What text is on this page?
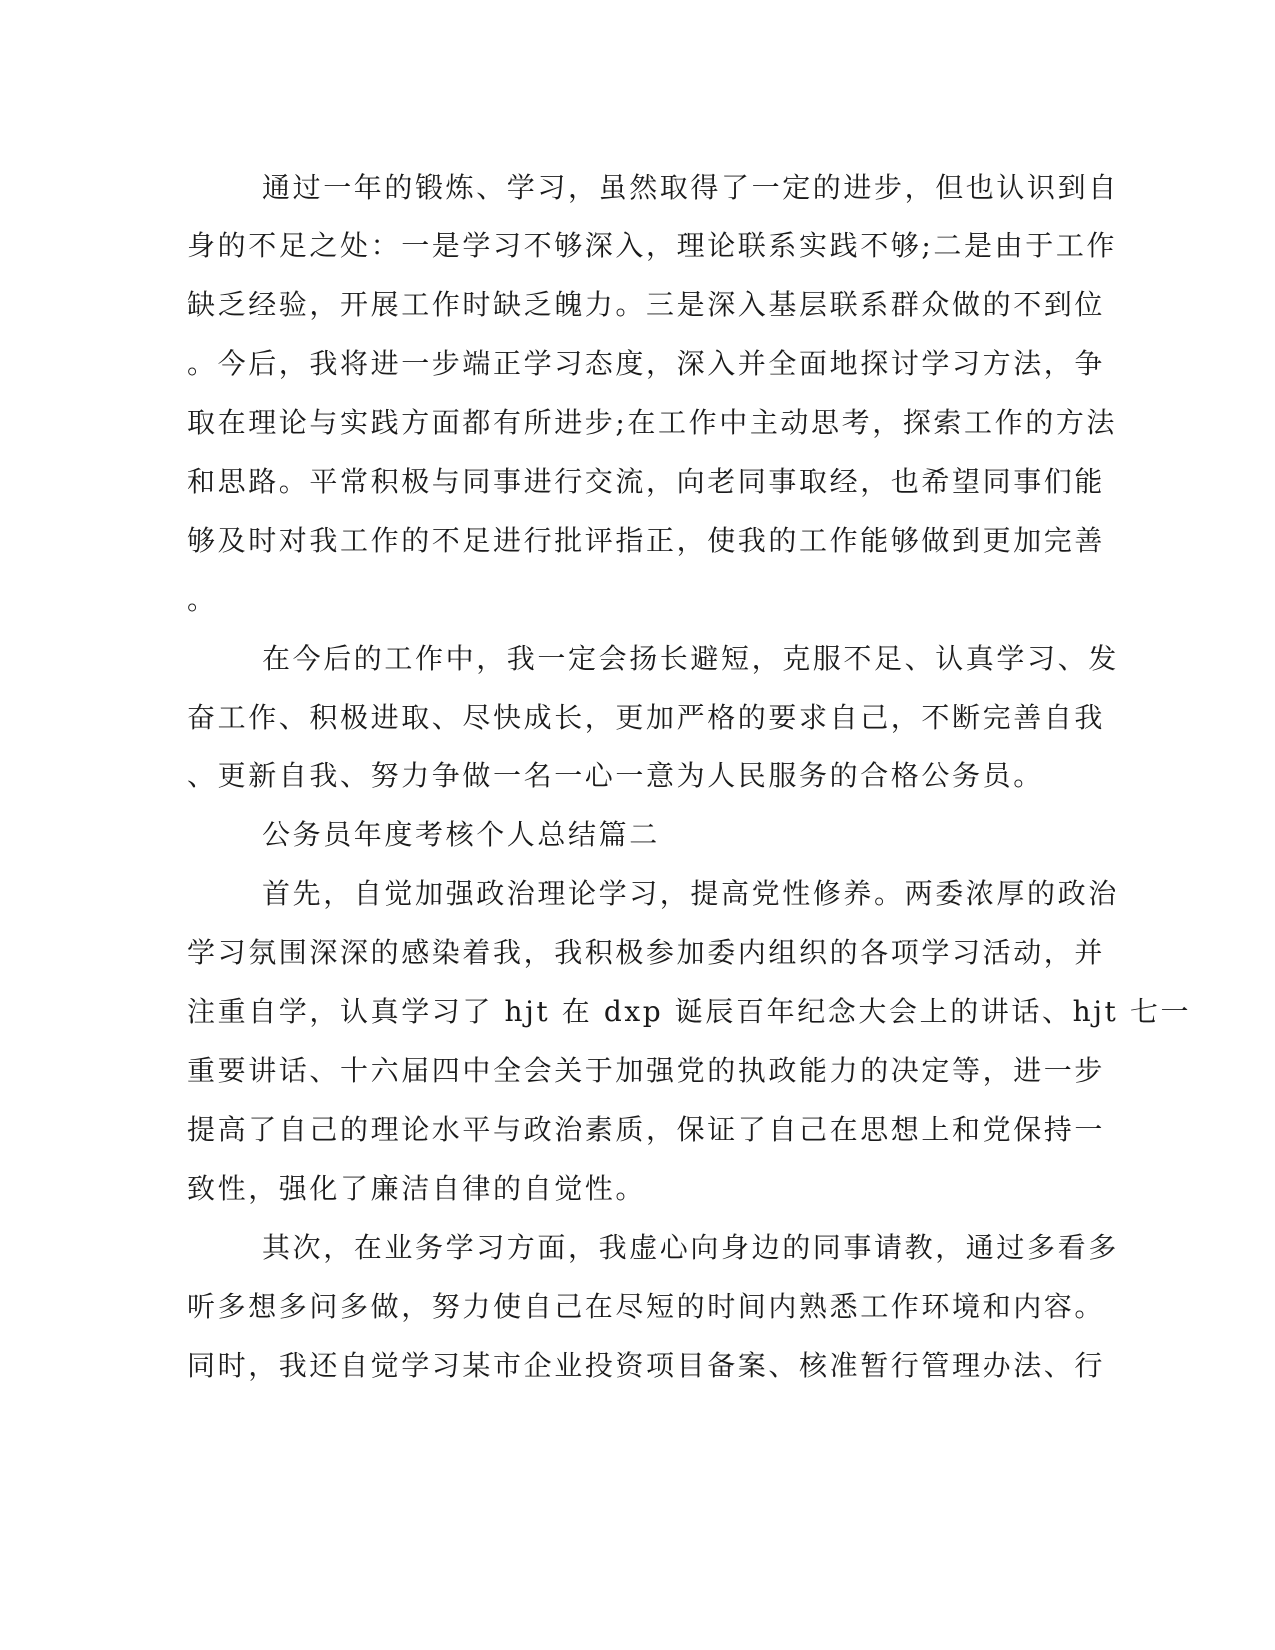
通过一年的锻炼、学习，虽然取得了一定的进步，但也认识到自
身的不足之处：一是学习不够深入，理论联系实践不够;二是由于工作
缺乏经验，开展工作时缺乏魄力。三是深入基层联系群众做的不到位
。今后，我将进一步端正学习态度，深入并全面地探讨学习方法，争
取在理论与实践方面都有所进步;在工作中主动思考，探索工作的方法
和思路。平常积极与同事进行交流，向老同事取经，也希望同事们能
够及时对我工作的不足进行批评指正，使我的工作能够做到更加完善
。
在今后的工作中，我一定会扬长避短，克服不足、认真学习、发
奋工作、积极进取、尽快成长，更加严格的要求自己，不断完善自我
、更新自我、努力争做一名一心一意为人民服务的合格公务员。
公务员年度考核个人总结篇二
首先，自觉加强政治理论学习，提高党性修养。两委浓厚的政治
学习氛围深深的感染着我，我积极参加委内组织的各项学习活动，并
注重自学，认真学习了 hjt 在 dxp 诞辰百年纪念大会上的讲话、hjt 七一
重要讲话、十六届四中全会关于加强党的执政能力的决定等，进一步
提高了自己的理论水平与政治素质，保证了自己在思想上和党保持一
致性，强化了廉洁自律的自觉性。
其次，在业务学习方面，我虚心向身边的同事请教，通过多看多
听多想多问多做，努力使自己在尽短的时间内熟悉工作环境和内容。
同时，我还自觉学习某市企业投资项目备案、核准暂行管理办法、行
